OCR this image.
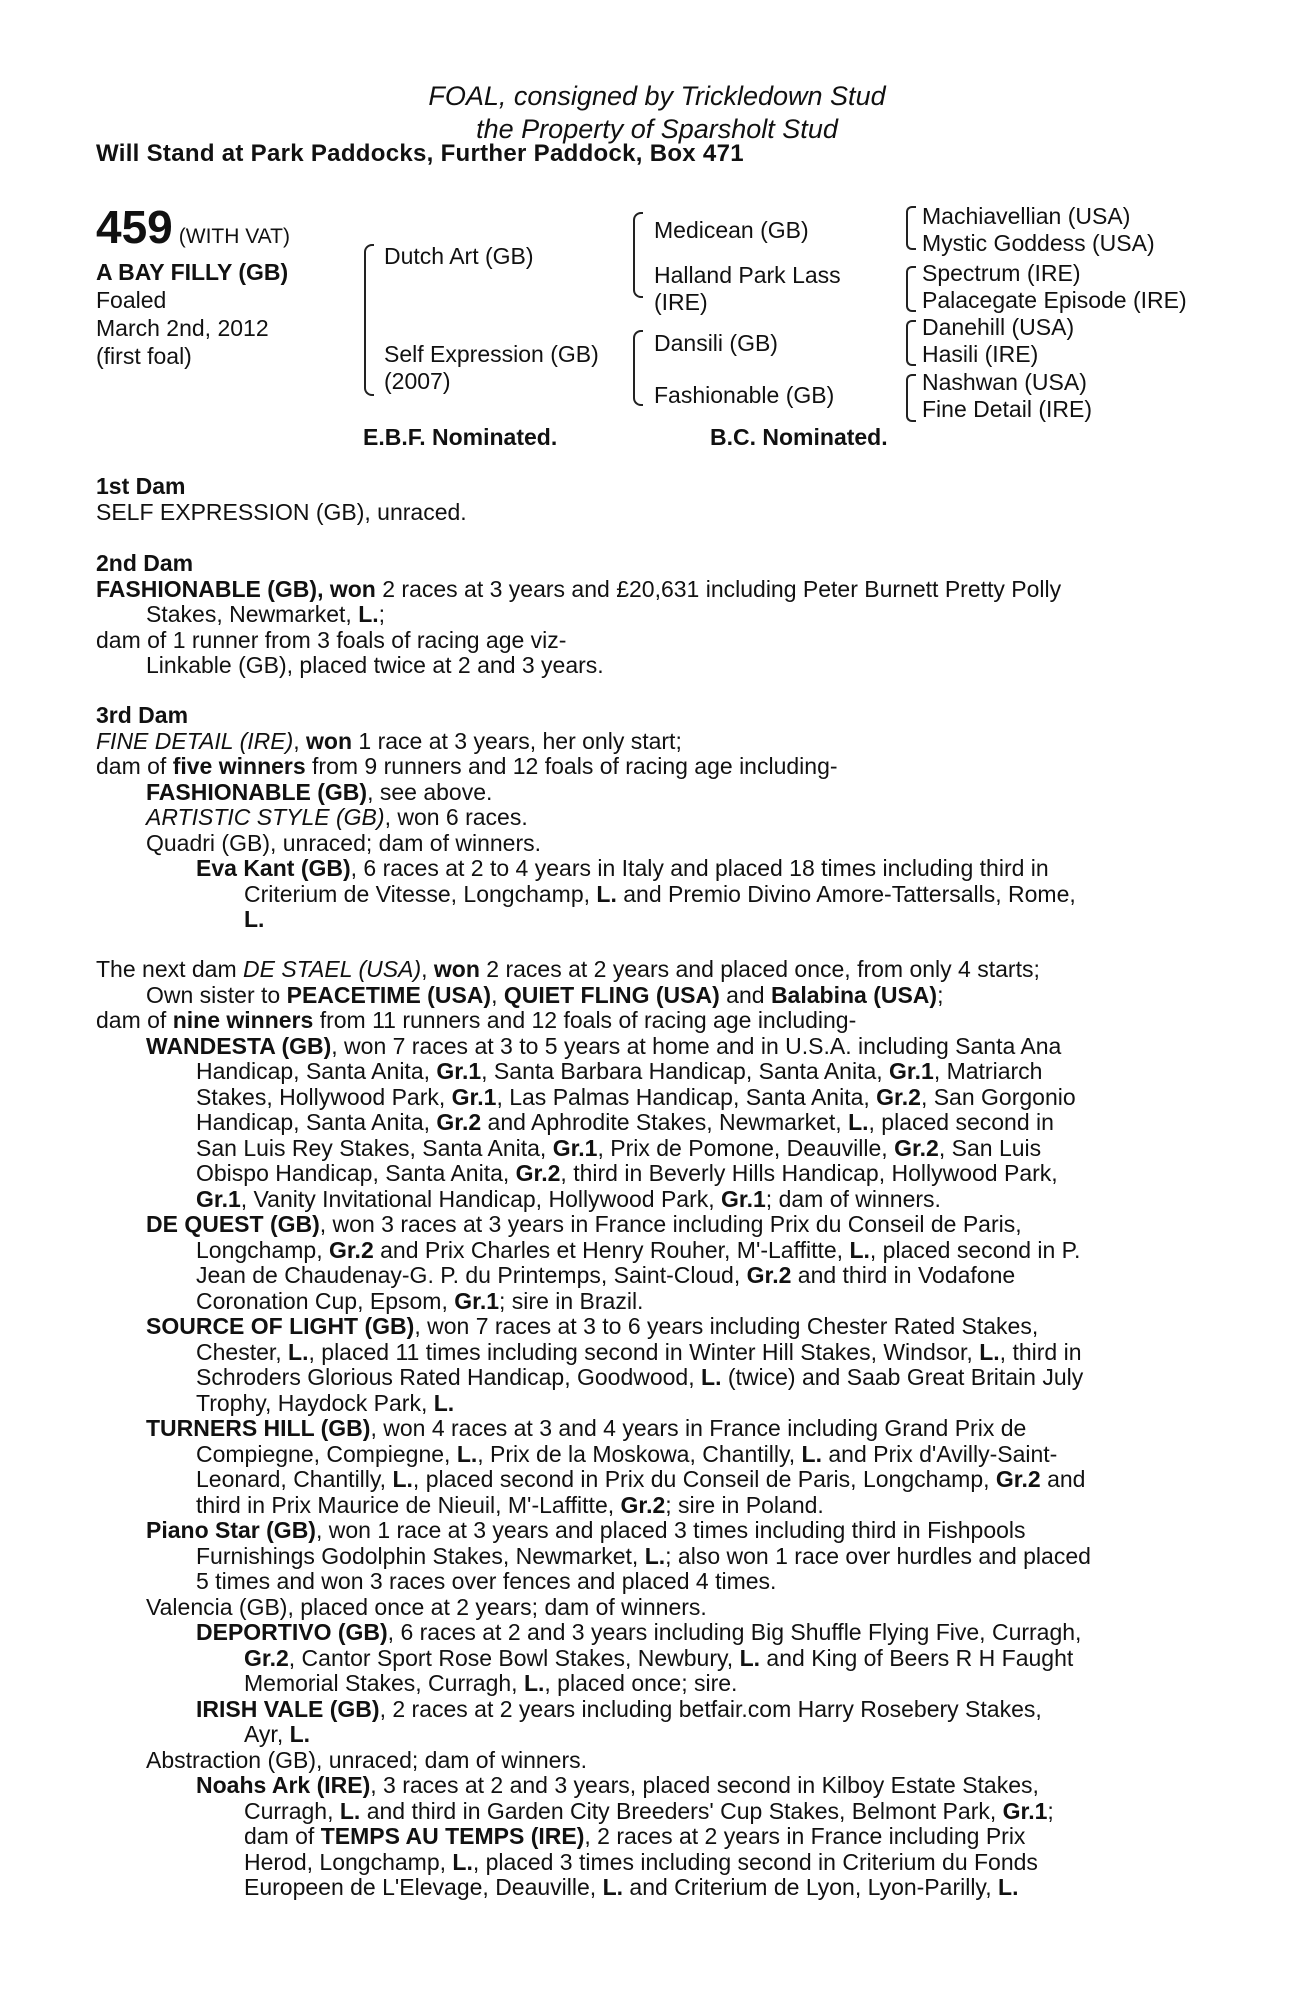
FOAL, consigned by Trickledown Stud
the Property of Sparsholt Stud
Will Stand at Park Paddocks, Further Paddock, Box 471
459 (WITH VAT)
A BAY FILLY (GB)
Foaled
March 2nd, 2012
(first foal)
Dutch Art (GB)
Self Expression (GB)
(2007)
Medicean (GB)
Halland Park Lass
(IRE)
Dansili (GB)
Fashionable (GB)
Machiavellian (USA)
Mystic Goddess (USA)
Spectrum (IRE)
Palacegate Episode (IRE)
Danehill (USA)
Hasili (IRE)
Nashwan (USA)
Fine Detail (IRE)
E.B.F. Nominated.	B.C. Nominated.
1st Dam
SELF EXPRESSION (GB), unraced.
2nd Dam
FASHIONABLE (GB), won 2 races at 3 years and £20,631 including Peter Burnett Pretty Polly
Stakes, Newmarket, L.;
dam of 1 runner from 3 foals of racing age viz-
Linkable (GB), placed twice at 2 and 3 years.
3rd Dam
FINE DETAIL (IRE), won 1 race at 3 years, her only start;
dam of five winners from 9 runners and 12 foals of racing age including-
FASHIONABLE (GB), see above.
ARTISTIC STYLE (GB), won 6 races.
Quadri (GB), unraced; dam of winners.
Eva Kant (GB), 6 races at 2 to 4 years in Italy and placed 18 times including third in
Criterium de Vitesse, Longchamp, L. and Premio Divino Amore-Tattersalls, Rome,
L.
The next dam DE STAEL (USA), won 2 races at 2 years and placed once, from only 4 starts;
Own sister to PEACETIME (USA), QUIET FLING (USA) and Balabina (USA);
dam of nine winners from 11 runners and 12 foals of racing age including-
WANDESTA (GB), won 7 races at 3 to 5 years at home and in U.S.A. including Santa Ana
Handicap, Santa Anita, Gr.1, Santa Barbara Handicap, Santa Anita, Gr.1, Matriarch
Stakes, Hollywood Park, Gr.1, Las Palmas Handicap, Santa Anita, Gr.2, San Gorgonio
Handicap, Santa Anita, Gr.2 and Aphrodite Stakes, Newmarket, L., placed second in
San Luis Rey Stakes, Santa Anita, Gr.1, Prix de Pomone, Deauville, Gr.2, San Luis
Obispo Handicap, Santa Anita, Gr.2, third in Beverly Hills Handicap, Hollywood Park,
Gr.1, Vanity Invitational Handicap, Hollywood Park, Gr.1; dam of winners.
DE QUEST (GB), won 3 races at 3 years in France including Prix du Conseil de Paris,
Longchamp, Gr.2 and Prix Charles et Henry Rouher, M'-Laffitte, L., placed second in P.
Jean de Chaudenay-G. P. du Printemps, Saint-Cloud, Gr.2 and third in Vodafone
Coronation Cup, Epsom, Gr.1; sire in Brazil.
SOURCE OF LIGHT (GB), won 7 races at 3 to 6 years including Chester Rated Stakes,
Chester, L., placed 11 times including second in Winter Hill Stakes, Windsor, L., third in
Schroders Glorious Rated Handicap, Goodwood, L. (twice) and Saab Great Britain July
Trophy, Haydock Park, L.
TURNERS HILL (GB), won 4 races at 3 and 4 years in France including Grand Prix de
Compiegne, Compiegne, L., Prix de la Moskowa, Chantilly, L. and Prix d'Avilly-Saint-
Leonard, Chantilly, L., placed second in Prix du Conseil de Paris, Longchamp, Gr.2 and
third in Prix Maurice de Nieuil, M'-Laffitte, Gr.2; sire in Poland.
Piano Star (GB), won 1 race at 3 years and placed 3 times including third in Fishpools
Furnishings Godolphin Stakes, Newmarket, L.; also won 1 race over hurdles and placed
5 times and won 3 races over fences and placed 4 times.
Valencia (GB), placed once at 2 years; dam of winners.
DEPORTIVO (GB), 6 races at 2 and 3 years including Big Shuffle Flying Five, Curragh,
Gr.2, Cantor Sport Rose Bowl Stakes, Newbury, L. and King of Beers R H Faught
Memorial Stakes, Curragh, L., placed once; sire.
IRISH VALE (GB), 2 races at 2 years including betfair.com Harry Rosebery Stakes,
Ayr, L.
Abstraction (GB), unraced; dam of winners.
Noahs Ark (IRE), 3 races at 2 and 3 years, placed second in Kilboy Estate Stakes,
Curragh, L. and third in Garden City Breeders' Cup Stakes, Belmont Park, Gr.1;
dam of TEMPS AU TEMPS (IRE), 2 races at 2 years in France including Prix
Herod, Longchamp, L., placed 3 times including second in Criterium du Fonds
Europeen de L'Elevage, Deauville, L. and Criterium de Lyon, Lyon-Parilly, L.
